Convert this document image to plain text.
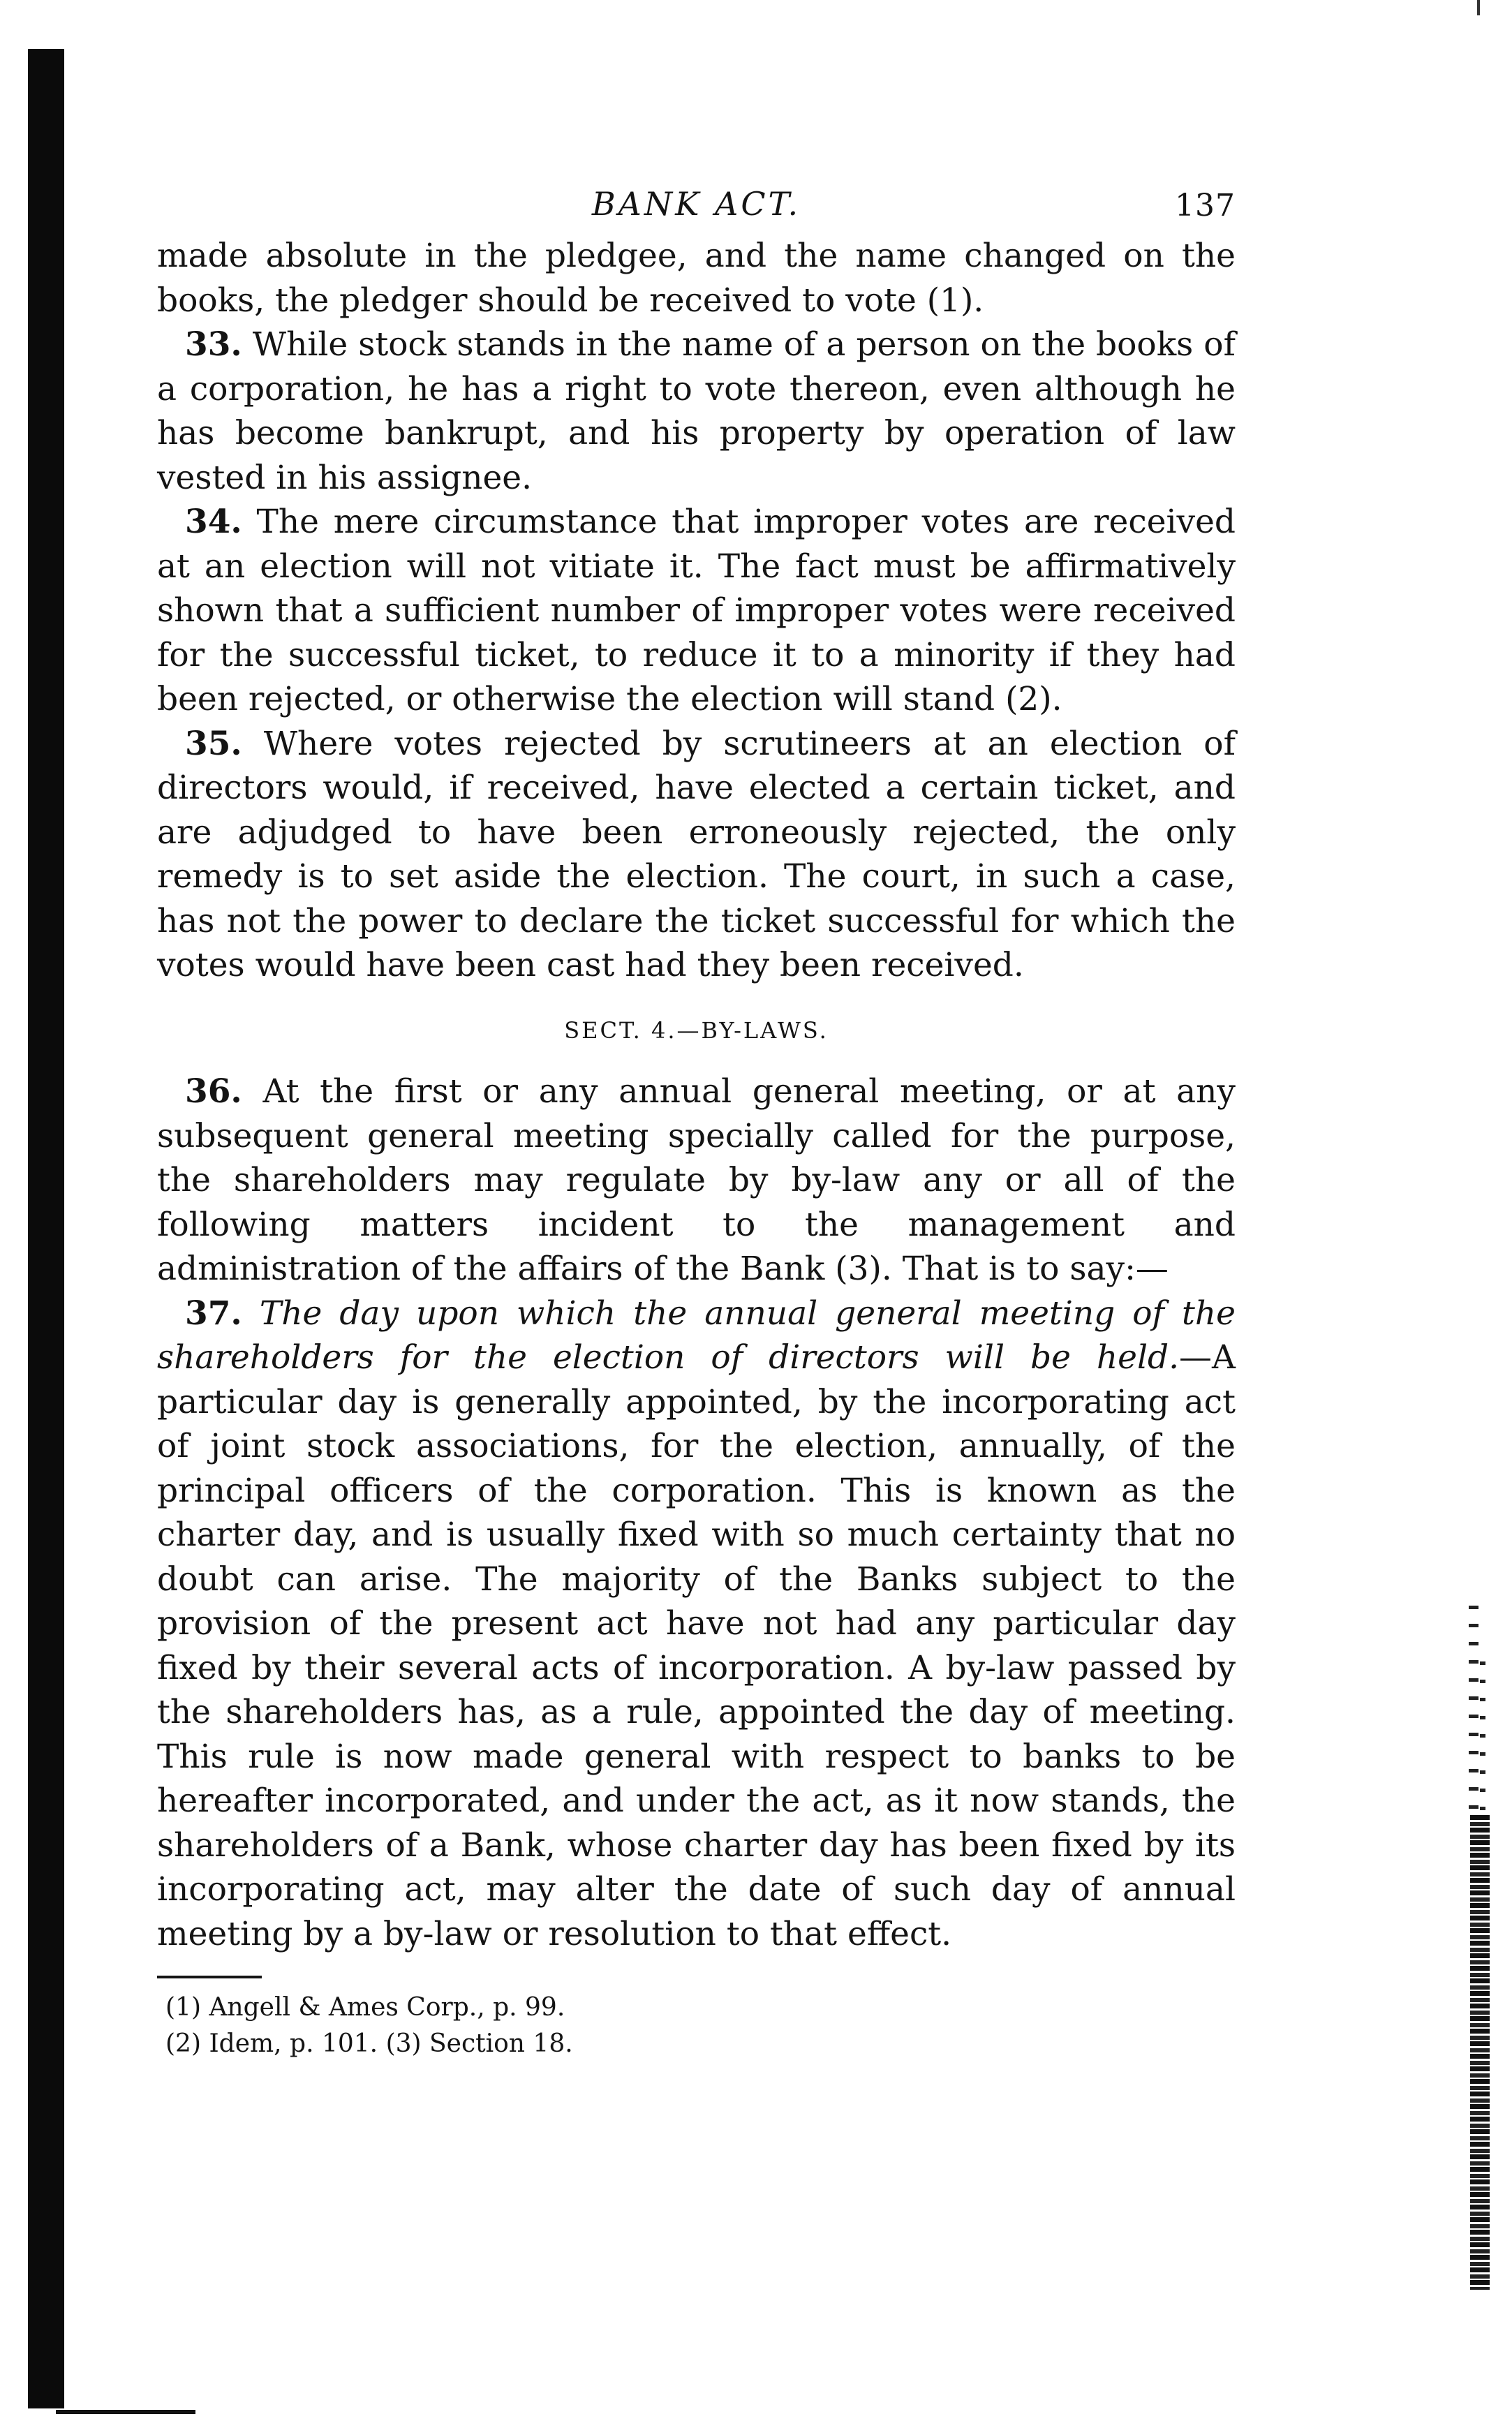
BANK ACT.	137

made absolute in the pledgee, and the name changed on the books, the pledger should be received to vote (1).

33. While stock stands in the name of a person on the books of a corporation, he has a right to vote thereon, even although he has become bankrupt, and his property by operation of law vested in his assignee.

34. The mere circumstance that improper votes are received at an election will not vitiate it. The fact must be affirmatively shown that a sufficient number of improper votes were received for the successful ticket, to reduce it to a minority if they had been rejected, or otherwise the election will stand (2).

35. Where votes rejected by scrutineers at an election of directors would, if received, have elected a certain ticket, and are adjudged to have been erroneously rejected, the only remedy is to set aside the election. The court, in such a case, has not the power to declare the ticket successful for which the votes would have been cast had they been received.

SECT. 4.—BY-LAWS.

36. At the first or any annual general meeting, or at any subsequent general meeting specially called for the purpose, the shareholders may regulate by by-law any or all of the following matters incident to the management and administration of the affairs of the Bank (3). That is to say:—

37. The day upon which the annual general meeting of the shareholders for the election of directors will be held.—A particular day is generally appointed, by the incorporating act of joint stock associations, for the election, annually, of the principal officers of the corporation. This is known as the charter day, and is usually fixed with so much certainty that no doubt can arise. The majority of the Banks subject to the provision of the present act have not had any particular day fixed by their several acts of incorporation. A by-law passed by the shareholders has, as a rule, appointed the day of meeting. This rule is now made general with respect to banks to be hereafter incorporated, and under the act, as it now stands, the shareholders of a Bank, whose charter day has been fixed by its incorporating act, may alter the date of such day of annual meeting by a by-law or resolution to that effect.

(1) Angell & Ames Corp., p. 99.

(2) Idem, p. 101. (3) Section 18.
